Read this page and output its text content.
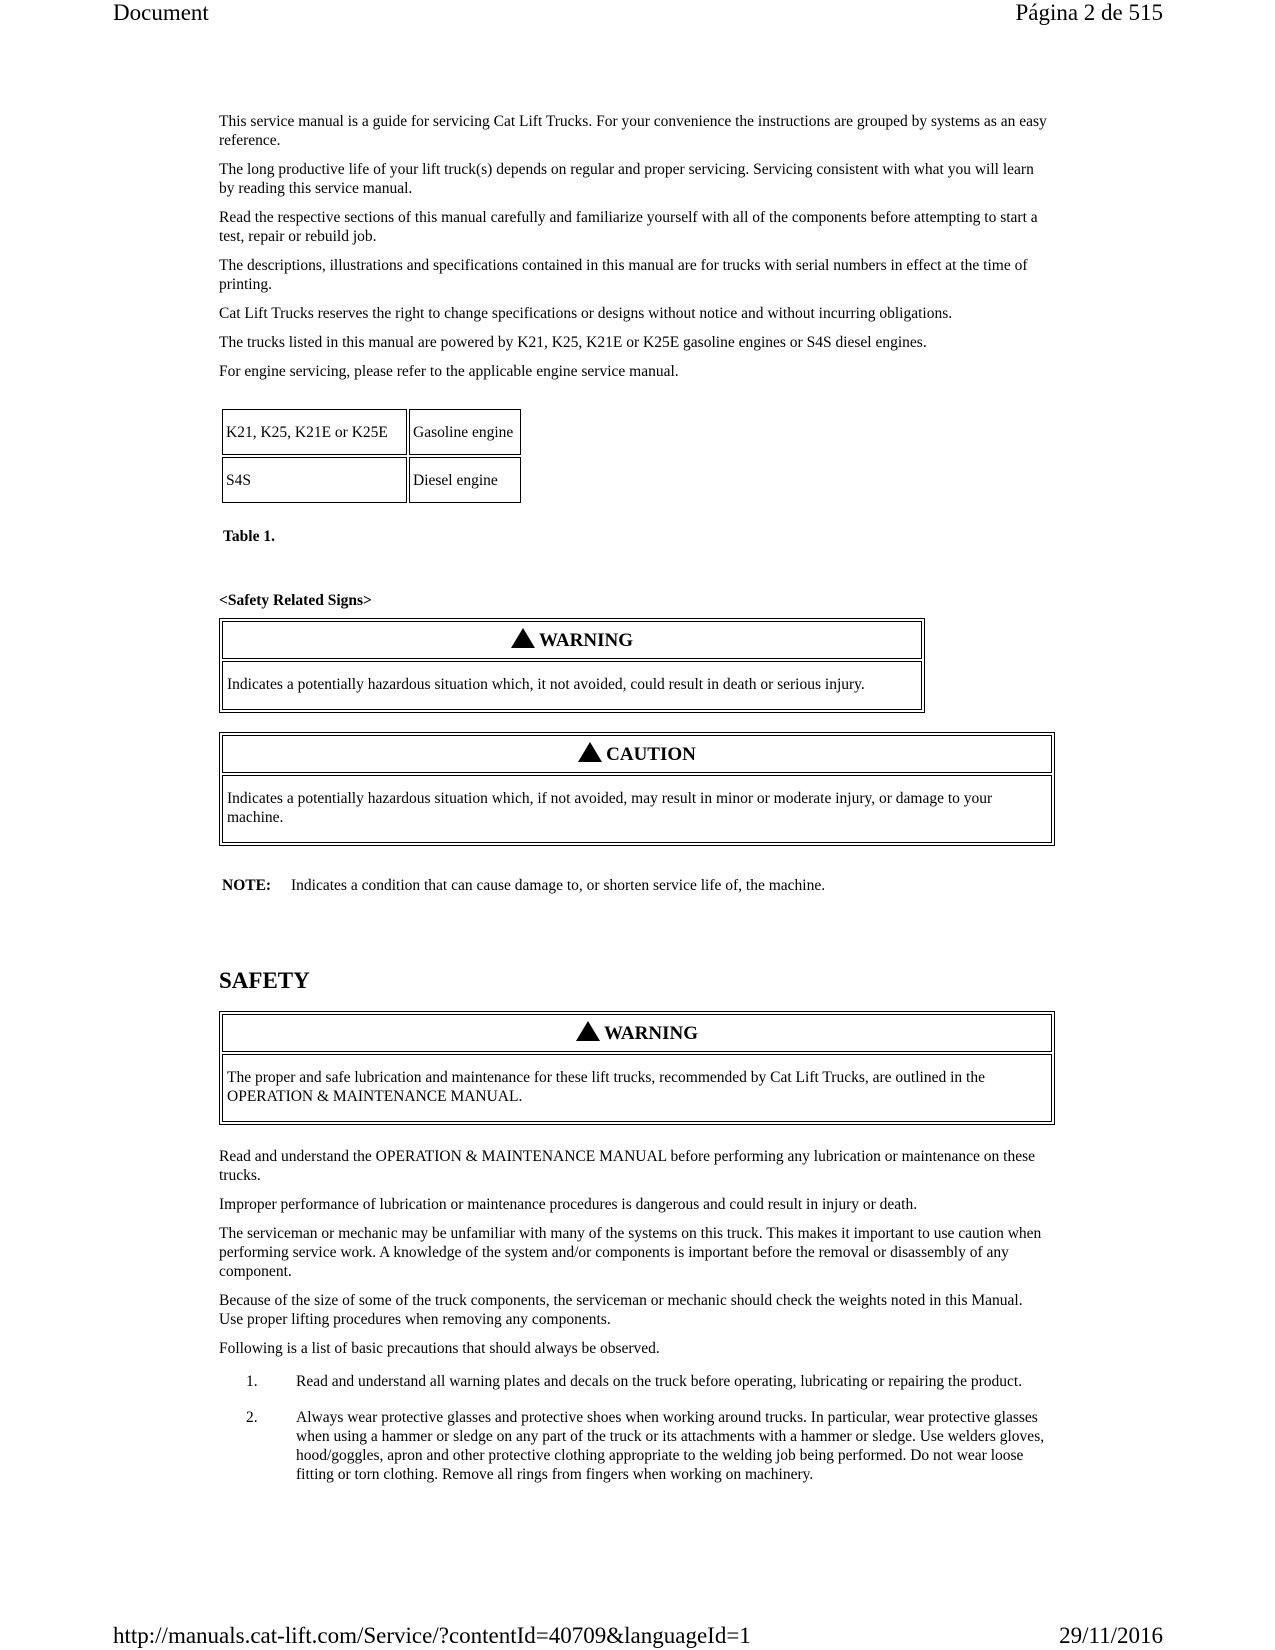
Document	Página 2 de 515

This service manual is a guide for servicing Cat Lift Trucks. For your convenience the instructions are grouped by systems as an easy reference.

The long productive life of your lift truck(s) depends on regular and proper servicing. Servicing consistent with what you will learn by reading this service manual.

Read the respective sections of this manual carefully and familiarize yourself with all of the components before attempting to start a test, repair or rebuild job.

The descriptions, illustrations and specifications contained in this manual are for trucks with serial numbers in effect at the time of printing.

Cat Lift Trucks reserves the right to change specifications or designs without notice and without incurring obligations.

The trucks listed in this manual are powered by K21, K25, K21E or K25E gasoline engines or S4S diesel engines.

For engine servicing, please refer to the applicable engine service manual.

K21, K25, K21E or K25E	Gasoline engine
S4S	Diesel engine
Table 1.
<Safety Related Signs>
WARNING
Indicates a potentially hazardous situation which, it not avoided, could result in death or serious injury.
CAUTION
Indicates a potentially hazardous situation which, if not avoided, may result in minor or moderate injury, or damage to your machine.
NOTE: Indicates a condition that can cause damage to, or shorten service life of, the machine.
SAFETY
WARNING
The proper and safe lubrication and maintenance for these lift trucks, recommended by Cat Lift Trucks, are outlined in the OPERATION & MAINTENANCE MANUAL.

Read and understand the OPERATION & MAINTENANCE MANUAL before performing any lubrication or maintenance on these trucks.

Improper performance of lubrication or maintenance procedures is dangerous and could result in injury or death.

The serviceman or mechanic may be unfamiliar with many of the systems on this truck. This makes it important to use caution when performing service work. A knowledge of the system and/or components is important before the removal or disassembly of any component.

Because of the size of some of the truck components, the serviceman or mechanic should check the weights noted in this Manual. Use proper lifting procedures when removing any components.

Following is a list of basic precautions that should always be observed.

1.	Read and understand all warning plates and decals on the truck before operating, lubricating or repairing the product.
2.	Always wear protective glasses and protective shoes when working around trucks. In particular, wear protective glasses when using a hammer or sledge on any part of the truck or its attachments with a hammer or sledge. Use welders gloves, hood/goggles, apron and other protective clothing appropriate to the welding job being performed. Do not wear loose fitting or torn clothing. Remove all rings from fingers when working on machinery.
http://manuals.cat-lift.com/Service/?contentId=40709&languageId=1	29/11/2016
